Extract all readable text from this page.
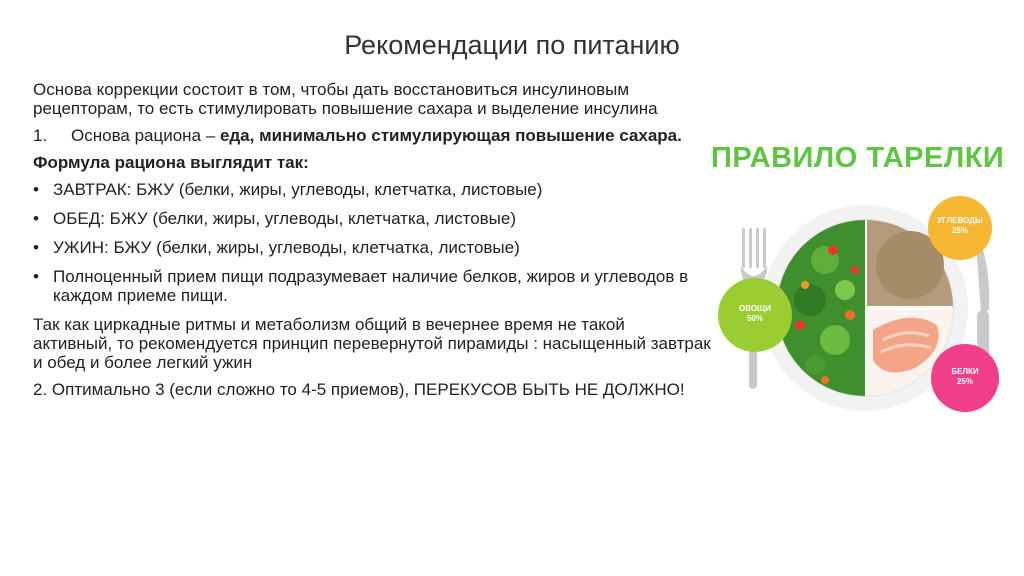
Рекомендации по питанию

Основа коррекции состоит в том, чтобы дать восстановиться инсулиновым рецепторам, то есть стимулировать повышение сахара и выделение инсулина

1.	Основа рациона – еда, минимально стимулирующая повышение сахара.

Формула рациона выглядит так:

• ЗАВТРАК: БЖУ (белки, жиры, углеводы, клетчатка, листовые)

• ОБЕД: БЖУ (белки, жиры, углеводы, клетчатка, листовые)

• УЖИН: БЖУ (белки, жиры, углеводы, клетчатка, листовые)

• Полноценный прием пищи подразумевает наличие белков, жиров и углеводов в каждом приеме пищи.

Так как циркадные ритмы и метаболизм общий в вечернее время не такой
активный, то рекомендуется принцип перевернутой пирамиды : насыщенный завтрак и обед и более легкий ужин

2. Оптимально 3 (если сложно то 4-5 приемов), ПЕРЕКУСОВ БЫТЬ НЕ ДОЛЖНО!

ПРАВИЛО ТАРЕЛКИ
УГЛЕВОДЫ
25%
ОВОЩИ
50%
БЕЛКИ
25%
